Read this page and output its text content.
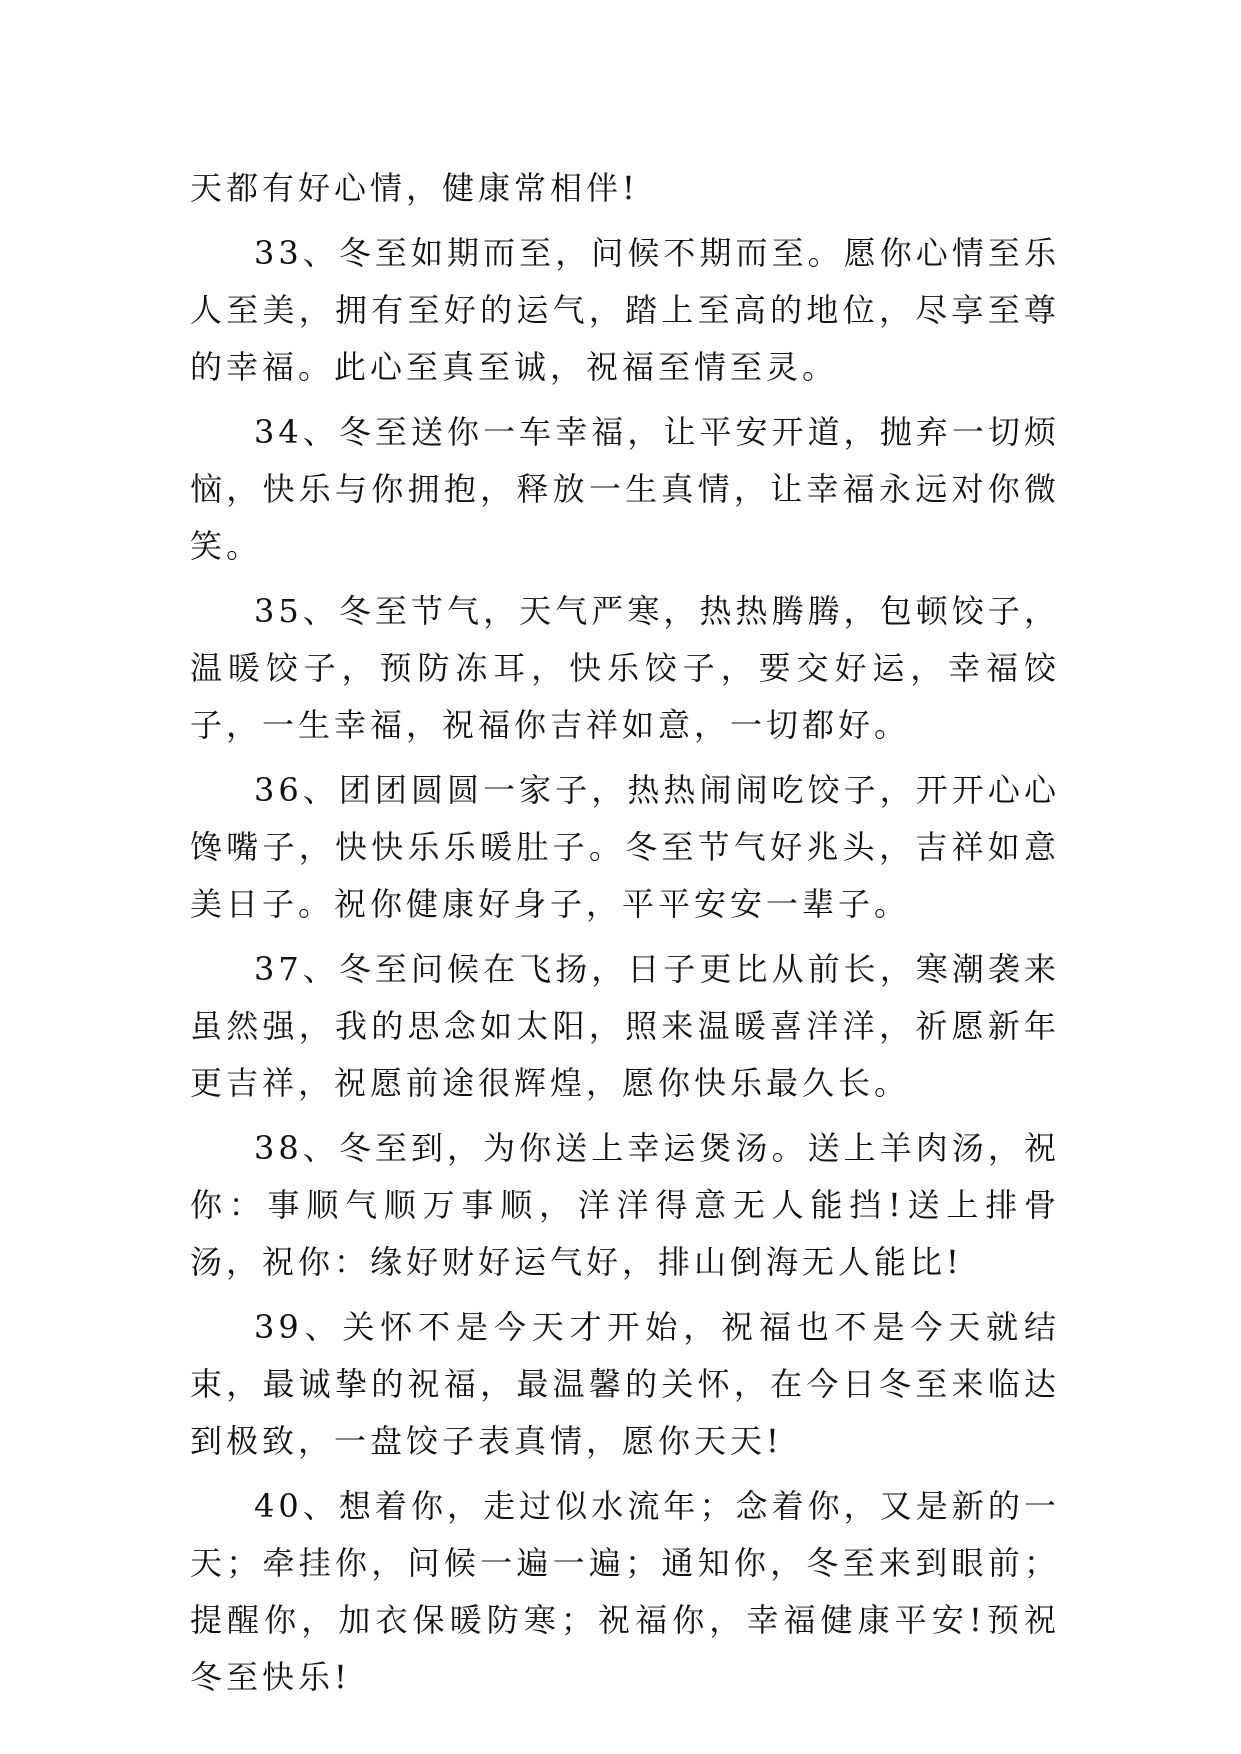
天都有好心情，健康常相伴!

33、冬至如期而至，问候不期而至。愿你心情至乐人至美，拥有至好的运气，踏上至高的地位，尽享至尊的幸福。此心至真至诚，祝福至情至灵。

34、冬至送你一车幸福，让平安开道，抛弃一切烦恼，快乐与你拥抱，释放一生真情，让幸福永远对你微笑。

35、冬至节气，天气严寒，热热腾腾，包顿饺子，温暖饺子，预防冻耳，快乐饺子，要交好运，幸福饺子，一生幸福，祝福你吉祥如意，一切都好。

36、团团圆圆一家子，热热闹闹吃饺子，开开心心馋嘴子，快快乐乐暖肚子。冬至节气好兆头，吉祥如意美日子。祝你健康好身子，平平安安一辈子。

37、冬至问候在飞扬，日子更比从前长，寒潮袭来虽然强，我的思念如太阳，照来温暖喜洋洋，祈愿新年更吉祥，祝愿前途很辉煌，愿你快乐最久长。

38、冬至到，为你送上幸运煲汤。送上羊肉汤，祝你：事顺气顺万事顺，洋洋得意无人能挡!送上排骨汤，祝你：缘好财好运气好，排山倒海无人能比!

39、关怀不是今天才开始，祝福也不是今天就结束，最诚挚的祝福，最温馨的关怀，在今日冬至来临达到极致，一盘饺子表真情，愿你天天!

40、想着你，走过似水流年；念着你，又是新的一天；牵挂你，问候一遍一遍；通知你，冬至来到眼前；提醒你，加衣保暖防寒；祝福你，幸福健康平安!预祝冬至快乐!
